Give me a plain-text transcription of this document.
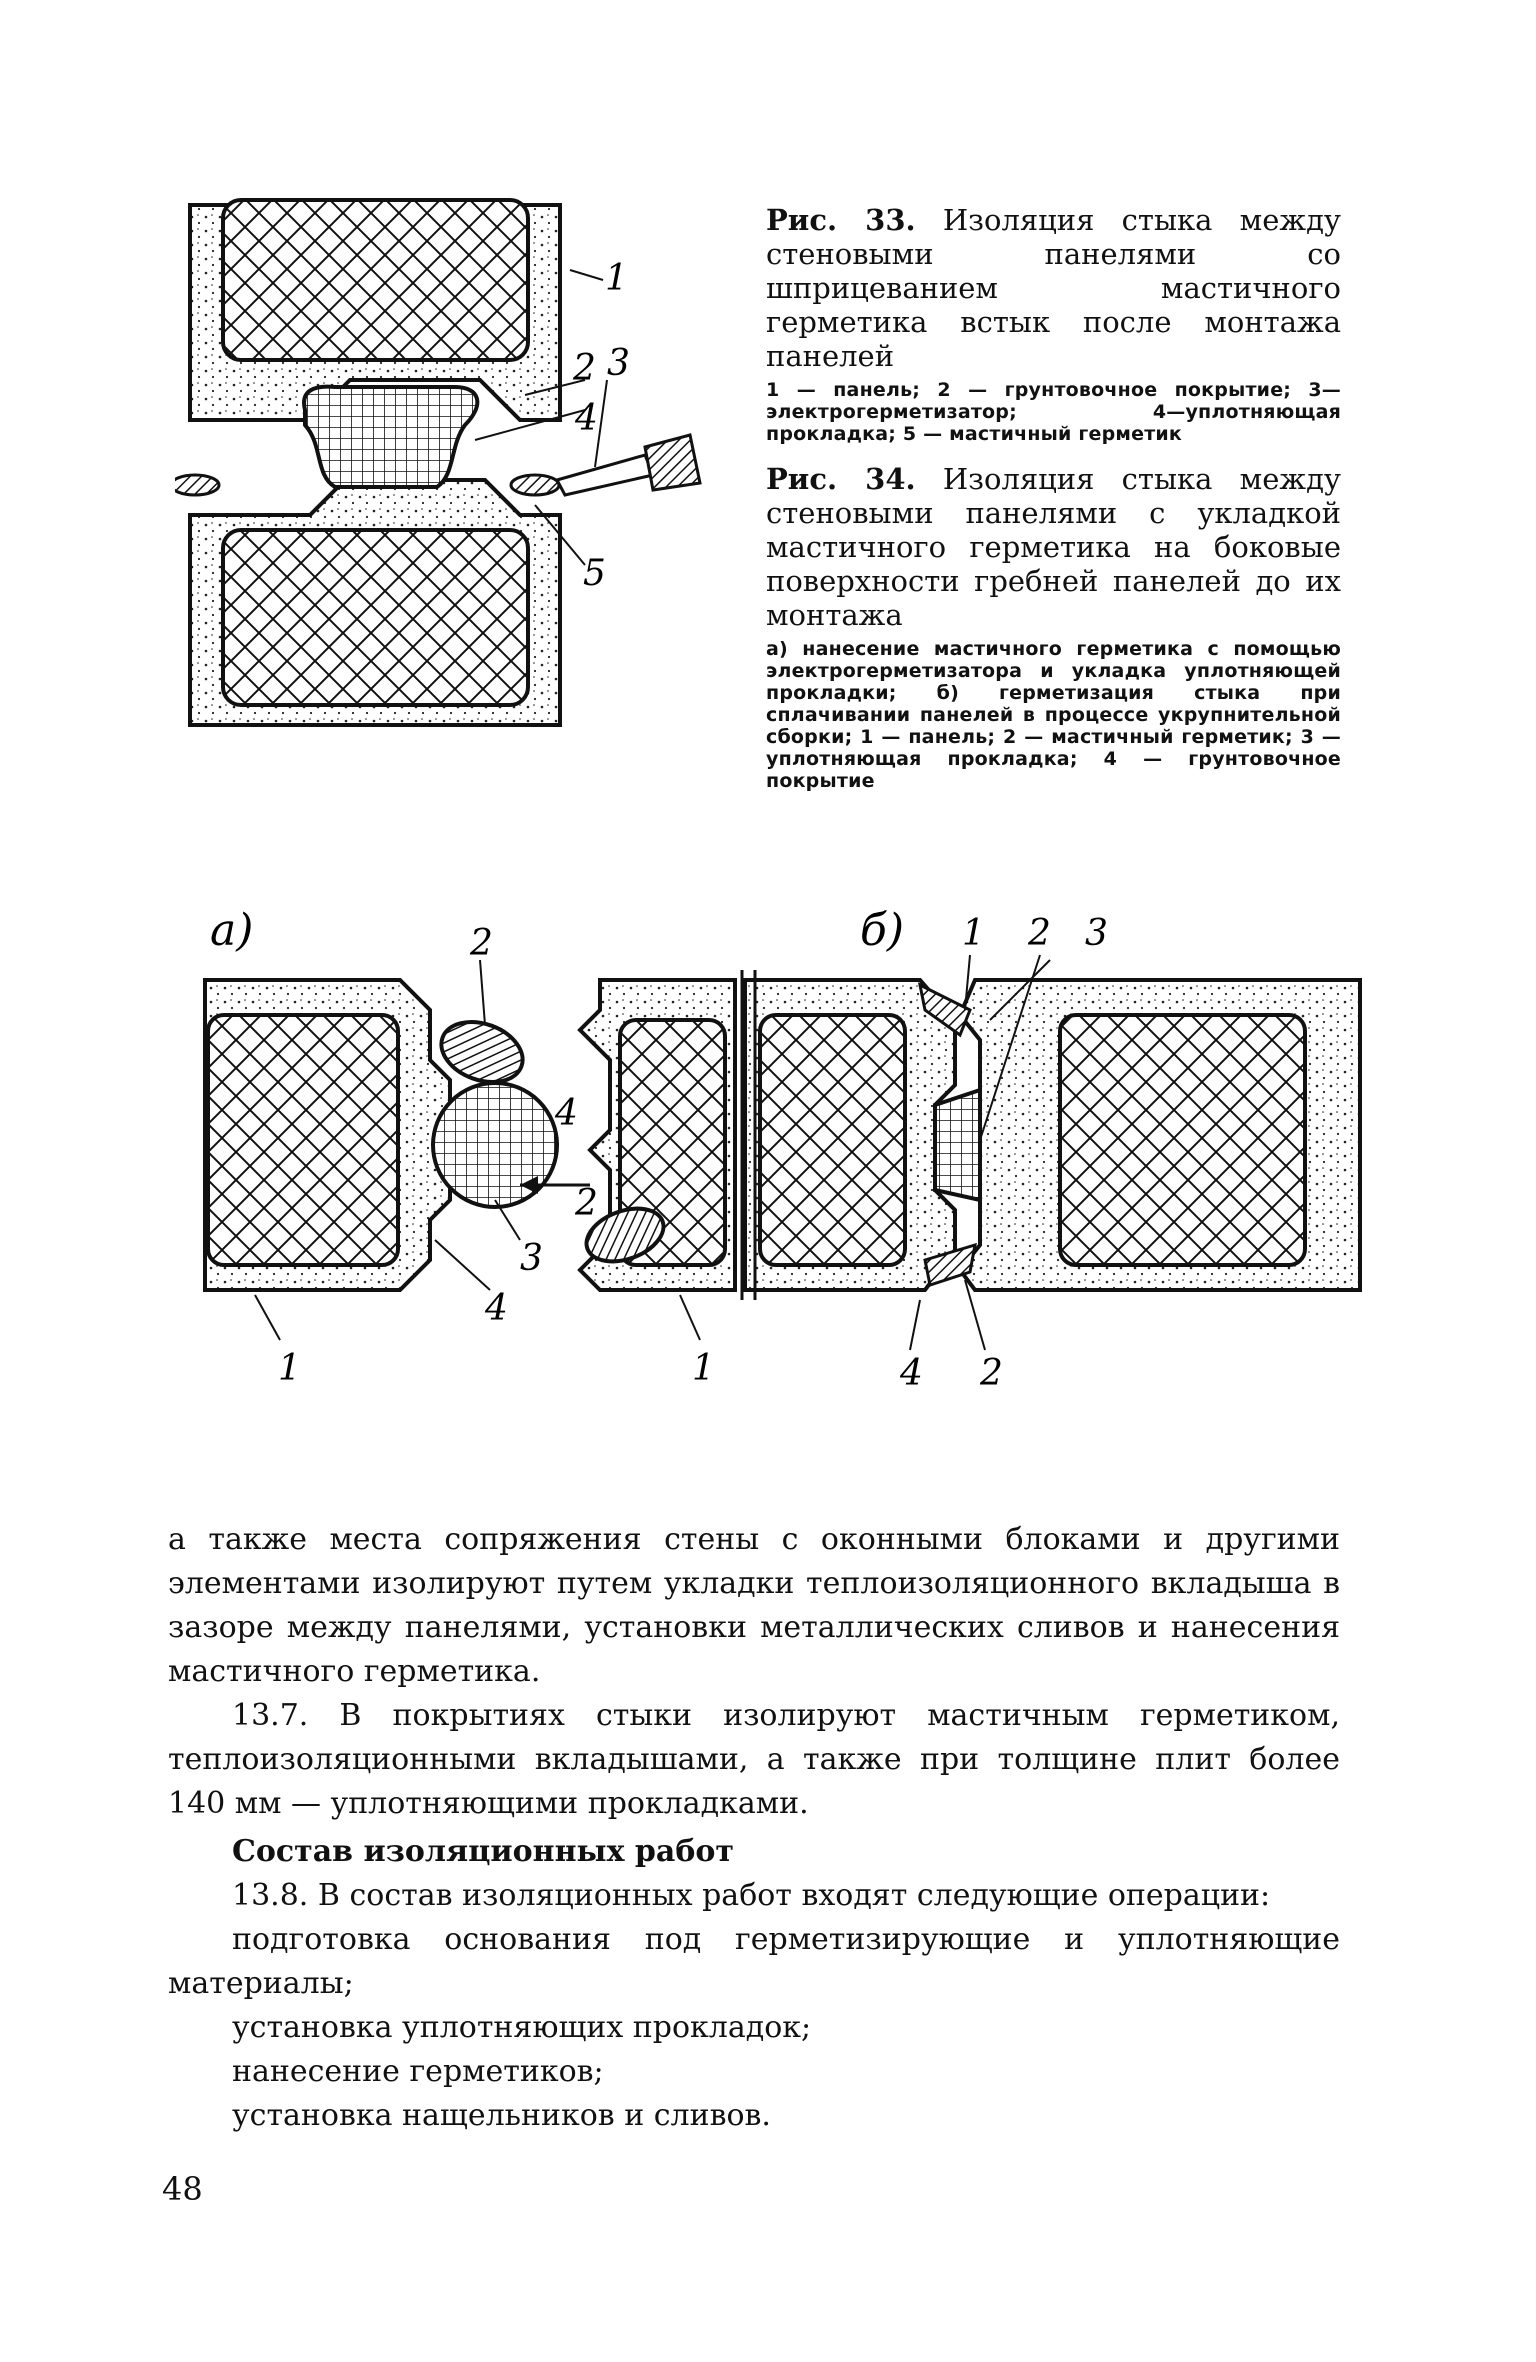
1
2 3
4
5
Рис. 33. Изоляция стыка между стеновыми панелями со шприцеванием мастичного герметика встык после монтажа панелей
1 — панель; 2 — грунтовочное покрытие; 3—электрогерметизатор; 4—уплотняющая прокладка; 5 — мастичный герметик
Рис. 34. Изоляция стыка между стеновыми панелями с укладкой мастичного герметика на боковые поверхности гребней панелей до их монтажа
а) нанесение мастичного герметика с помощью электрогерметизатора и укладка уплотняющей прокладки; б) герметизация стыка при сплачивании панелей в процессе укрупнительной сборки; 1 — панель; 2 — мастичный герметик; 3 — уплотняющая прокладка; 4 — грунтовочное покрытие
а)	б)
2
3
4
1
4
2
1
1 2 3
4 2

а также места сопряжения стены с оконными блоками и другими элементами изолируют путем укладки теплоизоляционного вкладыша в зазоре между панелями, установки металлических сливов и нанесения мастичного герметика.

13.7. В покрытиях стыки изолируют мастичным герметиком, теплоизоляционными вкладышами, а также при толщине плит более 140 мм — уплотняющими прокладками.

Состав изоляционных работ

13.8. В состав изоляционных работ входят следующие операции:

подготовка основания под герметизирующие и уплотняющие материалы;

установка уплотняющих прокладок;

нанесение герметиков;

установка нащельников и сливов.

48
